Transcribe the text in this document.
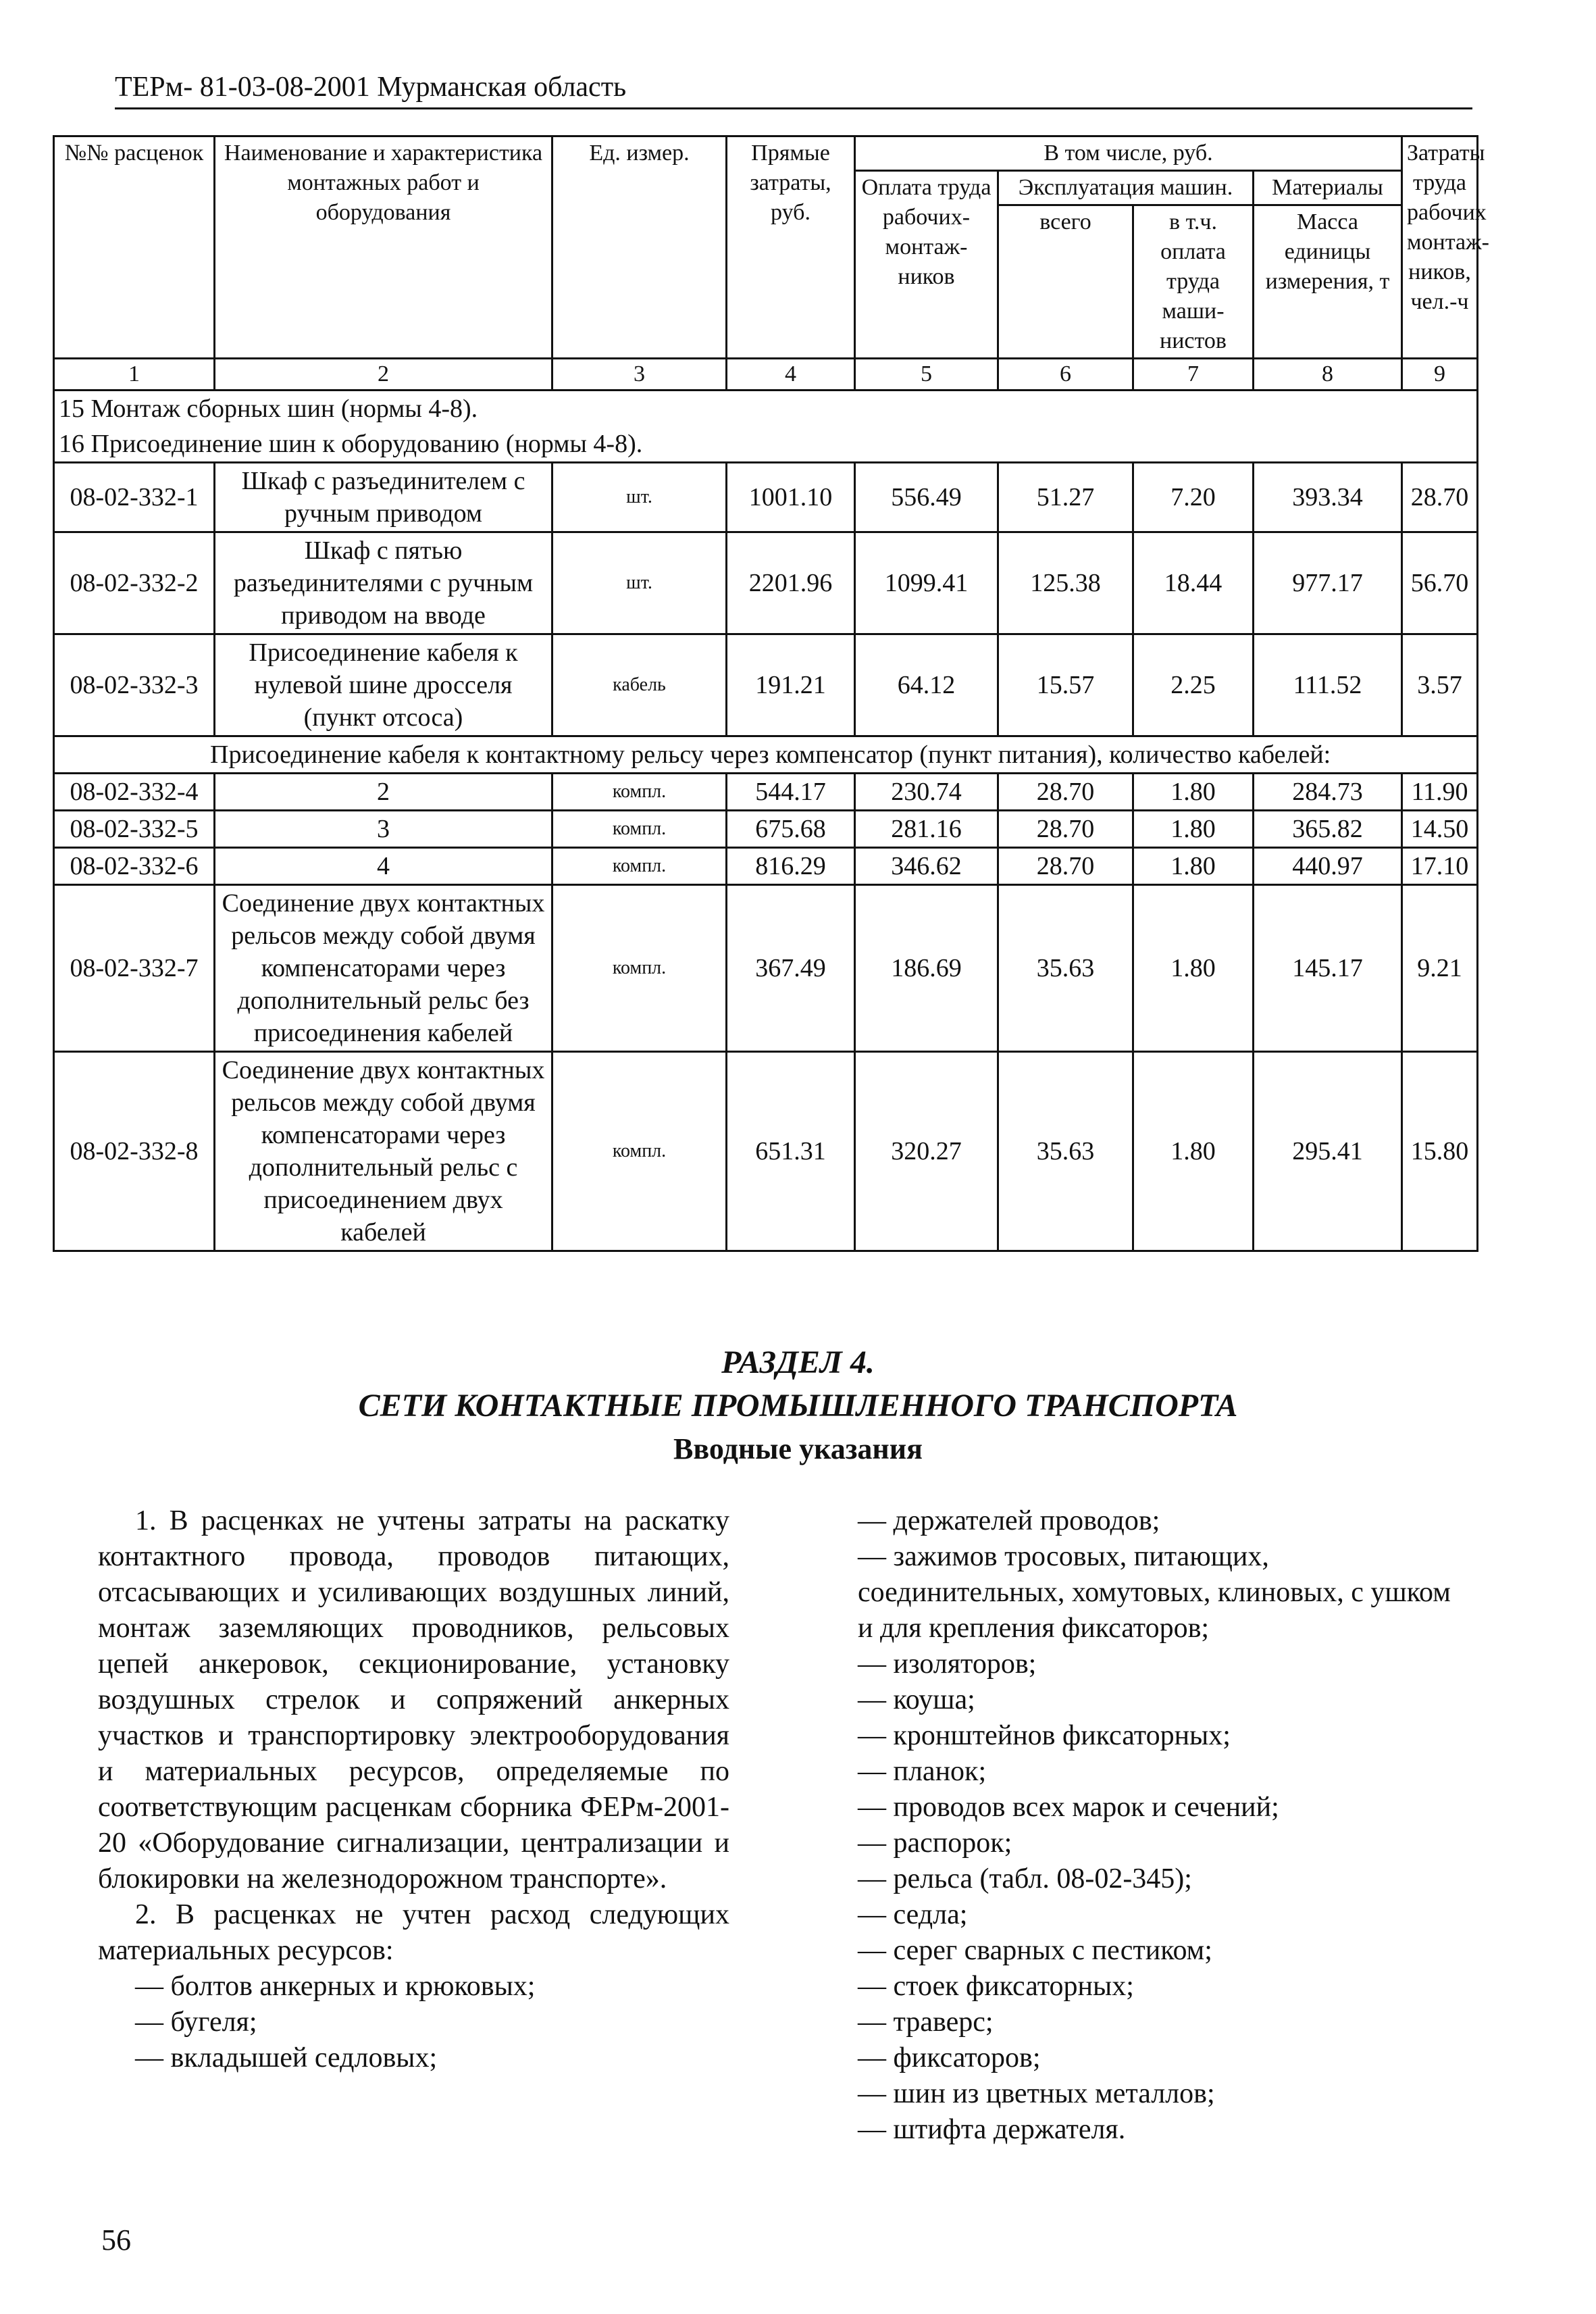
ТЕРм- 81-03-08-2001 Мурманская область
№№ расценок	Наименование и характеристика монтажных работ и оборудования	Ед. измер.	Прямые затраты, руб.	В том числе, руб.				Затраты труда рабочих монтаж-ников, чел.-ч
				Оплата труда рабочих-монтаж-ников	Эксплуатация машин.		Материалы	
					всего	в т.ч. оплата труда маши-нистов	Масса единицы измерения, т	
1	2	3	4	5	6	7	8	9
15 Монтаж сборных шин (нормы 4-8).								
16 Присоединение шин к оборудованию (нормы 4-8).								
08-02-332-1	Шкаф с разъединителем с ручным приводом	шт.	1001.10	556.49	51.27	7.20	393.34	28.70
08-02-332-2	Шкаф с пятью разъединителями с ручным приводом на вводе	шт.	2201.96	1099.41	125.38	18.44	977.17	56.70
08-02-332-3	Присоединение кабеля к нулевой шине дросселя (пункт отсоса)	кабель	191.21	64.12	15.57	2.25	111.52	3.57
Присоединение кабеля к контактному рельсу через компенсатор (пункт питания), количество кабелей:								
08-02-332-4	2	компл.	544.17	230.74	28.70	1.80	284.73	11.90
08-02-332-5	3	компл.	675.68	281.16	28.70	1.80	365.82	14.50
08-02-332-6	4	компл.	816.29	346.62	28.70	1.80	440.97	17.10
08-02-332-7	Соединение двух контактных рельсов между собой двумя компенсаторами через дополнительный рельс без присоединения кабелей	компл.	367.49	186.69	35.63	1.80	145.17	9.21
08-02-332-8	Соединение двух контактных рельсов между собой двумя компенсаторами через дополнительный рельс с присоединением двух кабелей	компл.	651.31	320.27	35.63	1.80	295.41	15.80
РАЗДЕЛ 4.
СЕТИ КОНТАКТНЫЕ ПРОМЫШЛЕННОГО ТРАНСПОРТА
Вводные указания

1. В расценках не учтены затраты на раскатку контактного провода, проводов питающих, отсасывающих и усиливающих воздушных линий, монтаж заземляющих проводников, рельсовых цепей анкеровок, секционирование, установку воздушных стрелок и сопряжений анкерных участков и транспортировку электрооборудования и материальных ресурсов, определяемые по соответствующим расценкам сборника ФЕРм-2001-20 «Оборудование сигнализации, централизации и блокировки на железнодорожном транспорте».

2. В расценках не учтен расход следующих материальных ресурсов:

— болтов анкерных и крюковых;

— бугеля;

— вкладышей седловых;

— держателей проводов;

— зажимов тросовых, питающих, соединительных, хомутовых, клиновых, с ушком и для крепления фиксаторов;

— изоляторов;

— коуша;

— кронштейнов фиксаторных;

— планок;

— проводов всех марок и сечений;

— распорок;

— рельса (табл. 08-02-345);

— седла;

— серег сварных с пестиком;

— стоек фиксаторных;

— траверс;

— фиксаторов;

— шин из цветных металлов;

— штифта держателя.

56
